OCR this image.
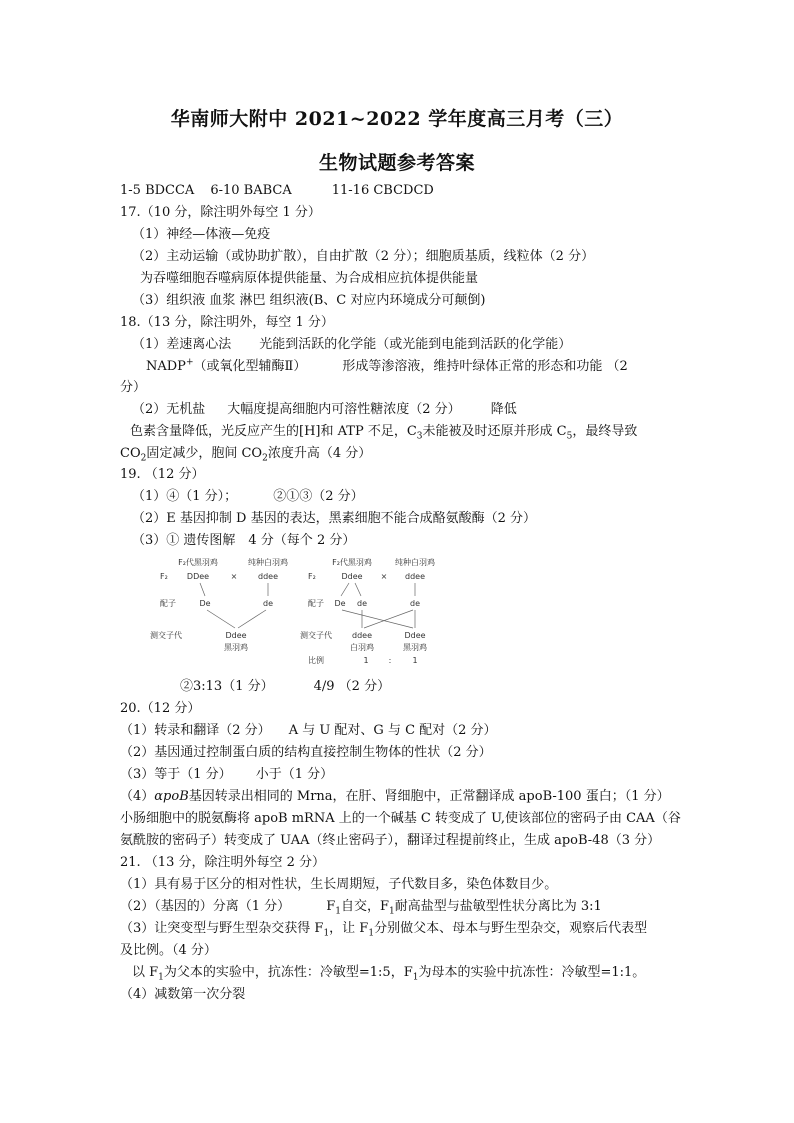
华南师大附中 2021~2022 学年度高三月考（三）
生物试题参考答案
1-5 BDCCA 6-10 BABCA	11-16 CBCDCD
17.（10 分，除注明外每空 1 分）
（1）神经—体液—免疫
（2）主动运输（或协助扩散），自由扩散（2 分）；细胞质基质，线粒体（2 分）
为吞噬细胞吞噬病原体提供能量、为合成相应抗体提供能量
（3）组织液 血浆 淋巴 组织液(B、C 对应内环境成分可颠倒)
18.（13 分，除注明外，每空 1 分）
（1）差速离心法 光能到活跃的化学能（或光能到电能到活跃的化学能）
NADP+（或氧化型辅酶Ⅱ）	形成等渗溶液，维持叶绿体正常的形态和功能 （2
分）
（2）无机盐 大幅度提高细胞内可溶性糖浓度（2 分） 降低
色素含量降低，光反应产生的[H]和 ATP 不足，$C_3$未能被及时还原并形成 $C_5$，最终导致
$CO_2$固定减少，胞间 $CO_2$浓度升高（4 分）
19. （12 分）
（1）④（1 分）；	②①③（2 分）
（2）E 基因抑制 D 基因的表达，黑素细胞不能合成酪氨酸酶（2 分）
（3）① 遗传图解　4 分（每个 2 分）
F₂代黑羽鸡	纯种白羽鸡
F₂ DDee	×	ddee
配子	De	de
测交子代	Ddee
黑羽鸡
F₂代黑羽鸡	纯种白羽鸡
F₂	Ddee × ddee
配子 De de	de
测交子代	ddee	Ddee
白羽鸡	黑羽鸡
比例	1	:	1
②3:13（1 分）	4/9 （2 分）
20.（12 分）
（1）转录和翻译（2 分） A 与 U 配对、G 与 C 配对（2 分）
（2）基因通过控制蛋白质的结构直接控制生物体的性状（2 分）
（3）等于（1 分） 小于（1 分）
（4）αpoB基因转录出相同的 Mrna，在肝、肾细胞中，正常翻译成 apoB-100 蛋白；（1 分）
小肠细胞中的脱氨酶将 apoB mRNA 上的一个碱基 C 转变成了 U,使该部位的密码子由 CAA（谷
氨酰胺的密码子）转变成了 UAA（终止密码子），翻译过程提前终止，生成 apoB-48（3 分）
21. （13 分，除注明外每空 2 分）
（1）具有易于区分的相对性状，生长周期短，子代数目多，染色体数目少。
（2）（基因的）分离（1 分）	$F_1$自交，$F_1$耐高盐型与盐敏型性状分离比为 3:1
（3）让突变型与野生型杂交获得 $F_1$，让 $F_1$分别做父本、母本与野生型杂交，观察后代表型
及比例。（4 分）
以 $F_1$为父本的实验中，抗冻性：冷敏型=1:5，$F_1$为母本的实验中抗冻性：冷敏型=1:1。
（4）减数第一次分裂
